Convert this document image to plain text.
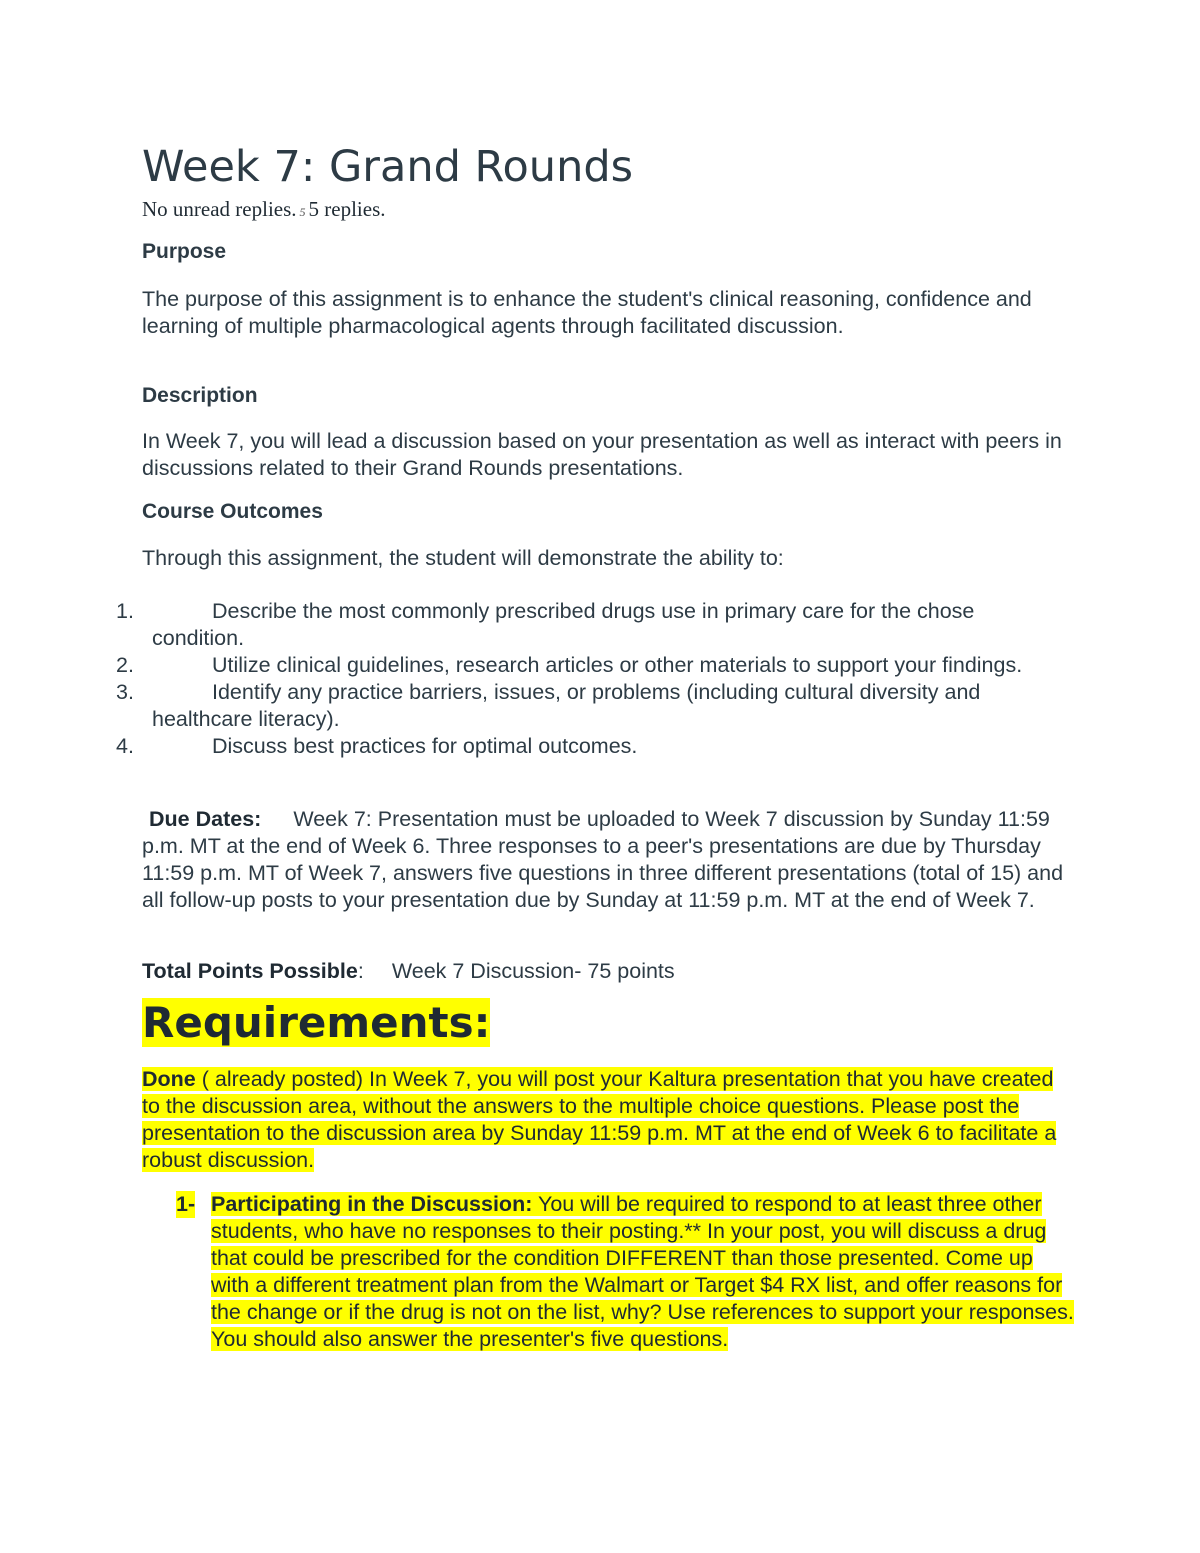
Week 7: Grand Rounds
No unread replies. 5 5 replies.
Purpose

The purpose of this assignment is to enhance the student's clinical reasoning, confidence and learning of multiple pharmacological agents through facilitated discussion.

Description

In Week 7, you will lead a discussion based on your presentation as well as interact with peers in discussions related to their Grand Rounds presentations.

Course Outcomes

Through this assignment, the student will demonstrate the ability to:

1.	Describe the most commonly prescribed drugs use in primary care for the chose condition.
2.	Utilize clinical guidelines, research articles or other materials to support your findings.
3.	Identify any practice barriers, issues, or problems (including cultural diversity and healthcare literacy).
4.	Discuss best practices for optimal outcomes.

Due Dates: Week 7: Presentation must be uploaded to Week 7 discussion by Sunday 11:59 p.m. MT at the end of Week 6. Three responses to a peer's presentations are due by Thursday 11:59 p.m. MT of Week 7, answers five questions in three different presentations (total of 15) and all follow-up posts to your presentation due by Sunday at 11:59 p.m. MT at the end of Week 7.

Total Points Possible: Week 7 Discussion- 75 points

Requirements:

Done ( already posted) In Week 7, you will post your Kaltura presentation that you have created to the discussion area, without the answers to the multiple choice questions. Please post the presentation to the discussion area by Sunday 11:59 p.m. MT at the end of Week 6 to facilitate a robust discussion.

1- Participating in the Discussion: You will be required to respond to at least three other students, who have no responses to their posting.** In your post, you will discuss a drug that could be prescribed for the condition DIFFERENT than those presented. Come up with a different treatment plan from the Walmart or Target $4 RX list, and offer reasons for the change or if the drug is not on the list, why? Use references to support your responses. You should also answer the presenter's five questions.
